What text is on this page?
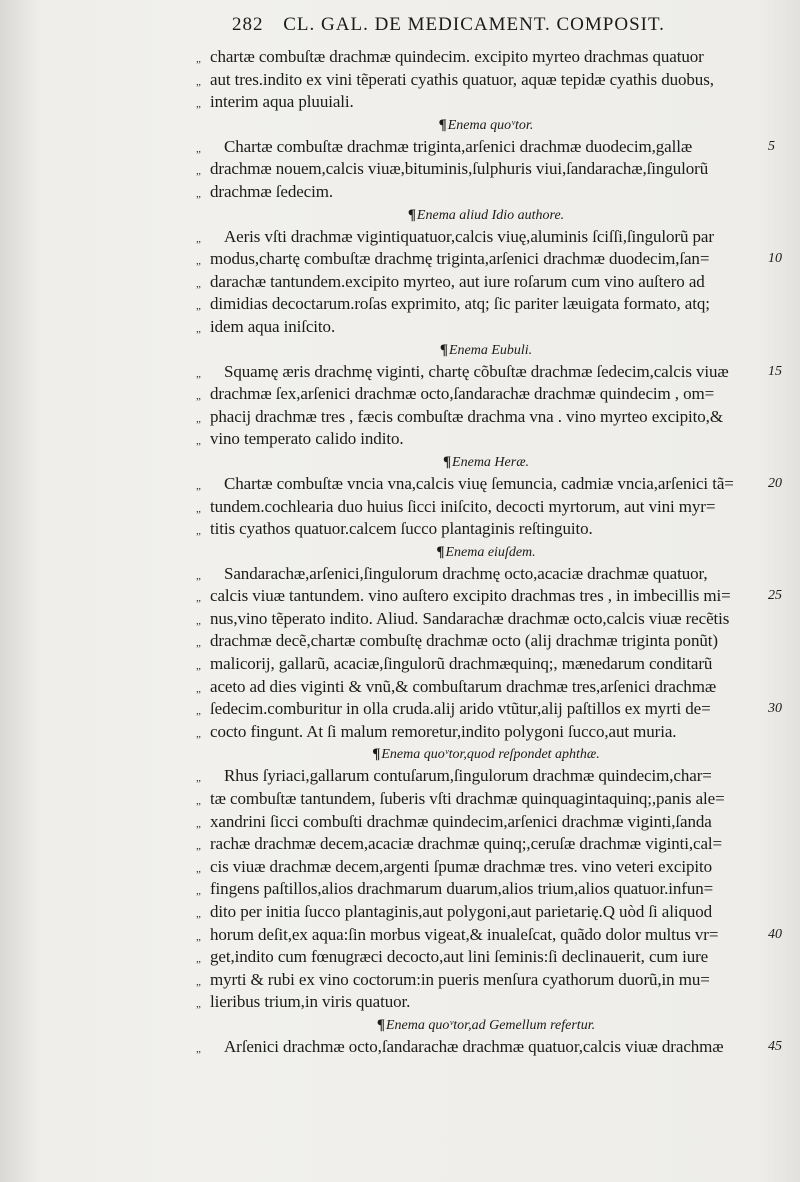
282 CL. GAL. DE MEDICAMENT. COMPOSIT.
„ chartæ combuſtæ drachmæ quindecim. excipito myrteo drachmas quatuor
„ aut tres.indito ex vini tẽperati cyathis quatuor, aquæ tepidæ cyathis duobus,
„ interim aqua pluuiali.
¶Enema quoᵛtor.
„ Chartæ combuſtæ drachmæ triginta,arſenici drachmæ duodecim,gallæ	5
„ drachmæ nouem,calcis viuæ,bituminis,ſulphuris viui,ſandarachæ,ſingulorũ
„ drachmæ ſedecim.
¶Enema aliud Idio authore.
„ Aeris vſti drachmæ vigintiquatuor,calcis viuę,aluminis ſciſſi,ſingulorũ par
„ modus,chartę combuſtæ drachmę triginta,arſenici drachmæ duodecim,ſan=	10
„ darachæ tantundem.excipito myrteo, aut iure roſarum cum vino auſtero ad
„ dimidias decoctarum.roſas exprimito, atq; ſic pariter læuigata formato, atq;
„ idem aqua iniſcito.
¶Enema Eubuli.
„ Squamę æris drachmę viginti, chartę cõbuſtæ drachmæ ſedecim,calcis viuæ	15
„ drachmæ ſex,arſenici drachmæ octo,ſandarachæ drachmæ quindecim , om=
„ phacij drachmæ tres , fæcis combuſtæ drachma vna . vino myrteo excipito,&
„ vino temperato calido indito.
¶Enema Heræ.
„ Chartæ combuſtæ vncia vna,calcis viuę ſemuncia, cadmiæ vncia,arſenici tã= 20
„ tundem.cochlearia duo huius ſicci iniſcito, decocti myrtorum, aut vini myr=
„ titis cyathos quatuor.calcem ſucco plantaginis reſtinguito.
¶Enema eiuſdem.
„ Sandarachæ,arſenici,ſingulorum drachmę octo,acaciæ drachmæ quatuor,
„ calcis viuæ tantundem. vino auſtero excipito drachmas tres , in imbecillis mi=	25
„ nus,vino tẽperato indito. Aliud. Sandarachæ drachmæ octo,calcis viuæ recẽtis
„ drachmæ decẽ,chartæ combuſtę drachmæ octo (alij drachmæ triginta ponũt)
„ malicorij, gallarũ, acaciæ,ſingulorũ drachmæquinq;, mænedarum conditarũ
„ aceto ad dies viginti & vnũ,& combuſtarum drachmæ tres,arſenici drachmæ
„ ſedecim.comburitur in olla cruda.alij arido vtũtur,alij paſtillos ex myrti de=	30
„ cocto fingunt. At ſi malum remoretur,indito polygoni ſucco,aut muria.
¶Enema quoᵛtor,quod reſpondet aphthæ.
„ Rhus ſyriaci,gallarum contuſarum,ſingulorum drachmæ quindecim,char=
„ tæ combuſtæ tantundem, ſuberis vſti drachmæ quinquagintaquinq;,panis ale=
„ xandrini ſicci combuſti drachmæ quindecim,arſenici drachmæ viginti,ſanda
„ rachæ drachmæ decem,acaciæ drachmæ quinq;,ceruſæ drachmæ viginti,cal=
„ cis viuæ drachmæ decem,argenti ſpumæ drachmæ tres. vino veteri excipito
„ fingens paſtillos,alios drachmarum duarum,alios trium,alios quatuor.infun=
„ dito per initia ſucco plantaginis,aut polygoni,aut parietarię.Q uòd ſi aliquod
„ horum deſit,ex aqua:ſin morbus vigeat,& inualeſcat, quãdo dolor multus vr=	40
„ get,indito cum fœnugræci decocto,aut lini ſeminis:ſi declinauerit, cum iure
„ myrti & rubi ex vino coctorum:in pueris menſura cyathorum duorũ,in mu=
„ lieribus trium,in viris quatuor.
¶Enema quoᵛtor,ad Gemellum refertur.
„ Arſenici drachmæ octo,ſandarachæ drachmæ quatuor,calcis viuæ drachmæ	45
